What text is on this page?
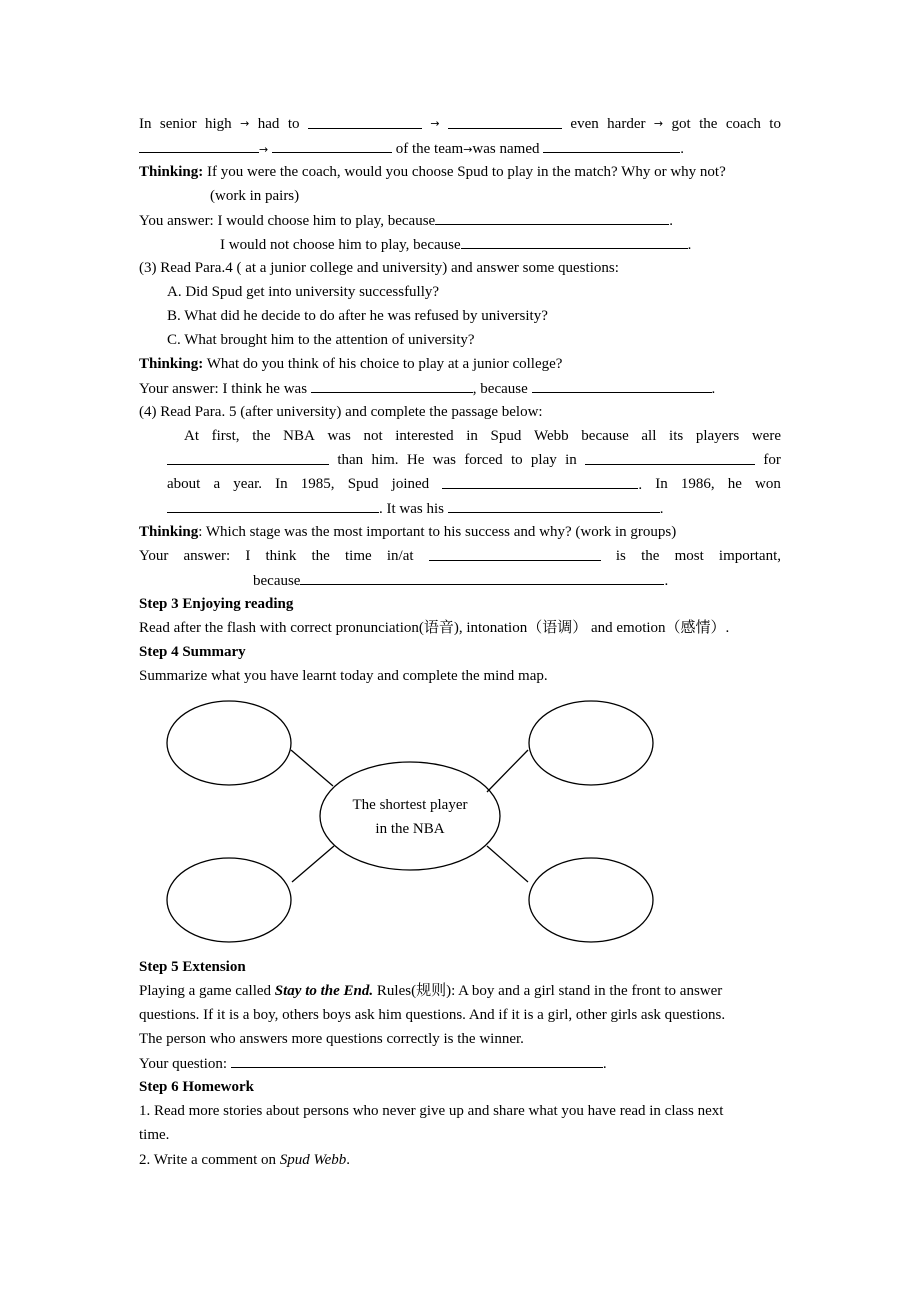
In senior high → had to	→	even harder → got the coach to
→	of the team→was named	.
Thinking: If you were the coach, would you choose Spud to play in the match? Why or why not?
(work in pairs)
You answer: I would choose him to play, because	.
I would not choose him to play, because	.
(3) Read Para.4 ( at a junior college and university) and answer some questions:
A. Did Spud get into university successfully?
B. What did he decide to do after he was refused by university?
C. What brought him to the attention of university?
Thinking: What do you think of his choice to play at a junior college?
Your answer: I think he was	, because	.
(4) Read Para. 5 (after university) and complete the passage below:
At first, the NBA was not interested in Spud Webb because all its players were
than him. He was forced to play in	for
about a year. In 1985, Spud joined	. In 1986, he won
. It was his	.
Thinking: Which stage was the most important to his success and why? (work in groups)
Your answer: I think the time in/at	is the most important,
because	.
Step 3 Enjoying reading
Read after the flash with correct pronunciation(语音), intonation（语调） and emotion（感情）.
Step 4 Summary
Summarize what you have learnt today and complete the mind map.
The shortest player
in the NBA
Step 5 Extension
Playing a game called Stay to the End. Rules(规则): A boy and a girl stand in the front to answer
questions. If it is a boy, others boys ask him questions. And if it is a girl, other girls ask questions.
The person who answers more questions correctly is the winner.
Your question:	.
Step 6 Homework
1. Read more stories about persons who never give up and share what you have read in class next
time.
2. Write a comment on Spud Webb.
